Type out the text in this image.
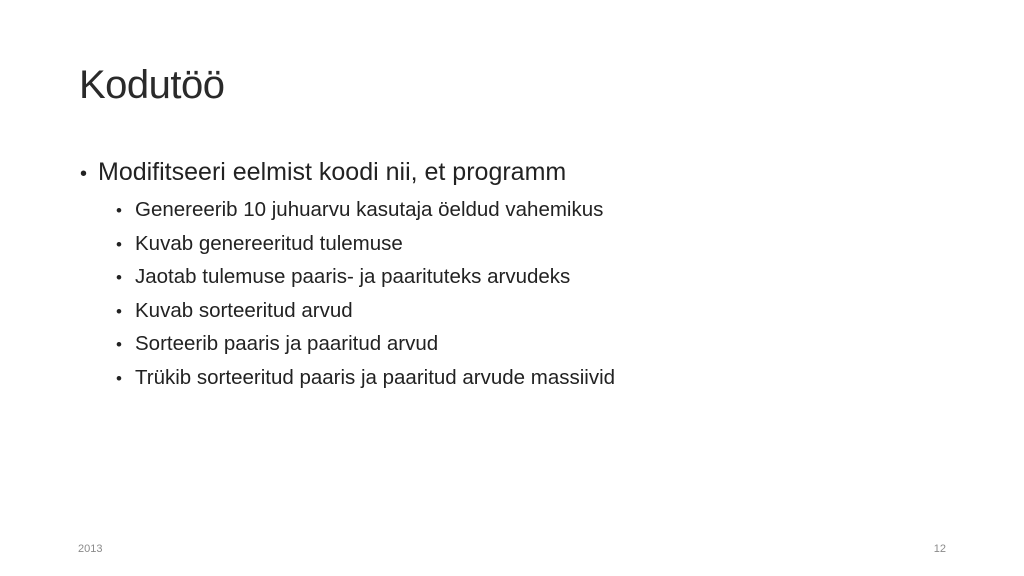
Kodutöö
• Modifitseeri eelmist koodi nii, et programm
• Genereerib 10 juhuarvu kasutaja öeldud vahemikus
• Kuvab genereeritud tulemuse
• Jaotab tulemuse paaris- ja paarituteks arvudeks
• Kuvab sorteeritud arvud
• Sorteerib paaris ja paaritud arvud
• Trükib sorteeritud paaris ja paaritud arvude massiivid
2013	12
